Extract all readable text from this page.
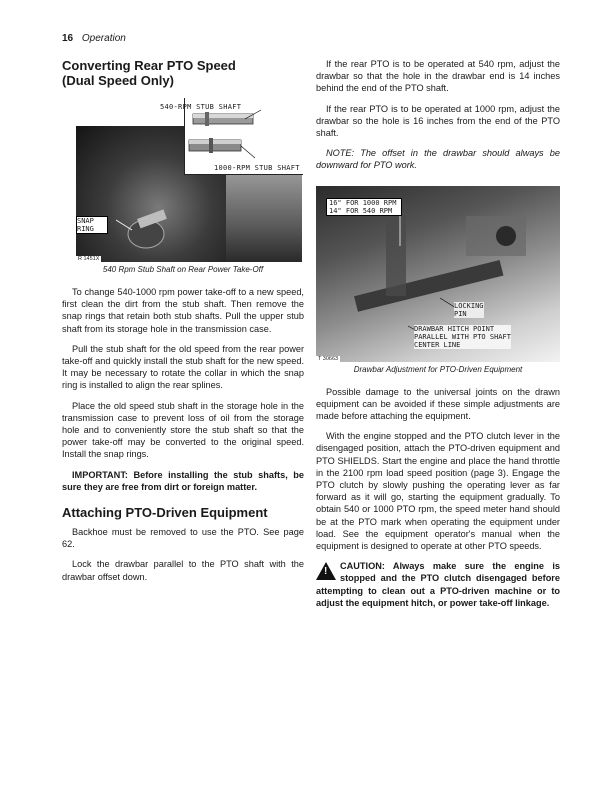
16 Operation
Converting Rear PTO Speed
(Dual Speed Only)
540-RPM STUB SHAFT
1000-RPM STUB SHAFT
SNAP
RING
R 1451X
540 Rpm Stub Shaft on Rear Power Take-Off

To change 540-1000 rpm power take-off to a new speed, first clean the dirt from the stub shaft. Then remove the snap rings that retain both stub shafts. Pull the upper stub shaft from its storage hole in the transmission case.

Pull the stub shaft for the old speed from the rear power take-off and quickly install the stub shaft for the new speed. It may be necessary to rotate the collar in which the snap ring is installed to align the rear splines.

Place the old speed stub shaft in the storage hole in the transmission case to prevent loss of oil from the storage hole and to conveniently store the stub shaft so that the power take-off may be converted to the original speed. Install the snap rings.

IMPORTANT: Before installing the stub shafts, be sure they are free from dirt or foreign matter.

Attaching PTO-Driven Equipment

Backhoe must be removed to use the PTO. See page 62.

Lock the drawbar parallel to the PTO shaft with the drawbar offset down.

If the rear PTO is to be operated at 540 rpm, adjust the drawbar so that the hole in the drawbar end is 14 inches behind the end of the PTO shaft.

If the rear PTO is to be operated at 1000 rpm, adjust the drawbar so the hole is 16 inches from the end of the PTO shaft.

NOTE: The offset in the drawbar should always be downward for PTO work.

16" FOR 1000 RPM
14" FOR 540 RPM
LOCKING
PIN
DRAWBAR HITCH POINT
PARALLEL WITH PTO SHAFT
CENTER LINE
T 30663
Drawbar Adjustment for PTO-Driven Equipment

Possible damage to the universal joints on the drawn equipment can be avoided if these simple adjustments are made before attaching the equipment.

With the engine stopped and the PTO clutch lever in the disengaged position, attach the PTO-driven equipment and PTO SHIELDS. Start the engine and place the hand throttle in the 2100 rpm load speed position (page 3). Engage the PTO clutch by slowly pushing the operating lever as far forward as it will go, starting the equipment gradually. To obtain 540 or 1000 PTO rpm, the speed meter hand should be at the PTO mark when operating the equipment under load. See the equipment operator's manual when the equipment is designed to operate at other PTO speeds.

!	CAUTION: Always make sure the engine is stopped and the PTO clutch disengaged before attempting to clean out a PTO-driven machine or to adjust the equipment hitch, or power take-off linkage.
